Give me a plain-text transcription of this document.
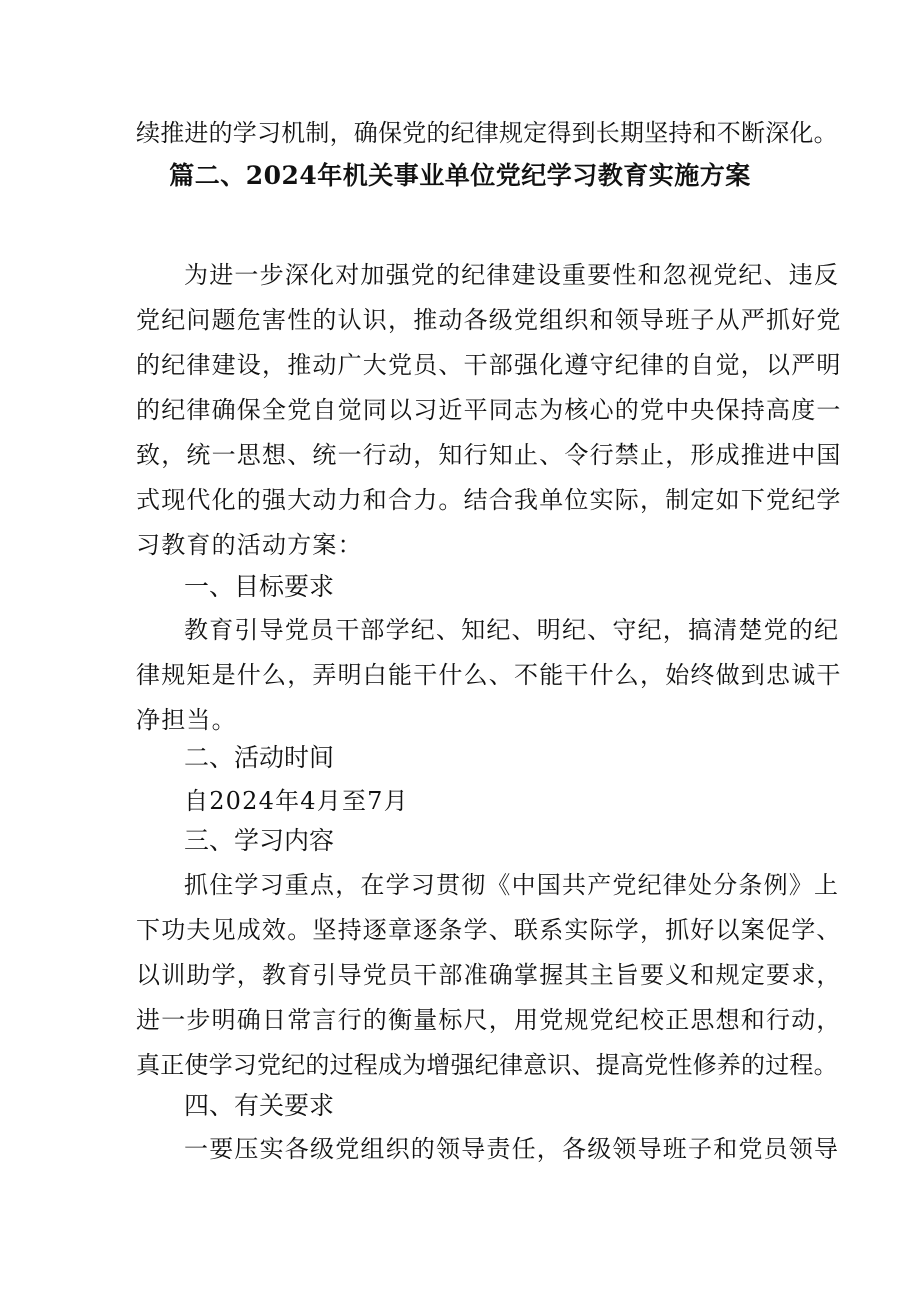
续推进的学习机制，确保党的纪律规定得到长期坚持和不断深化。
篇二、2024年机关事业单位党纪学习教育实施方案
为进一步深化对加强党的纪律建设重要性和忽视党纪、违反
党纪问题危害性的认识，推动各级党组织和领导班子从严抓好党
的纪律建设，推动广大党员、干部强化遵守纪律的自觉，以严明
的纪律确保全党自觉同以习近平同志为核心的党中央保持高度一
致，统一思想、统一行动，知行知止、令行禁止，形成推进中国
式现代化的强大动力和合力。结合我单位实际，制定如下党纪学
习教育的活动方案：
一、目标要求
教育引导党员干部学纪、知纪、明纪、守纪，搞清楚党的纪
律规矩是什么，弄明白能干什么、不能干什么，始终做到忠诚干
净担当。
二、活动时间
自2024年4月至7月
三、学习内容
抓住学习重点，在学习贯彻《中国共产党纪律处分条例》上
下功夫见成效。坚持逐章逐条学、联系实际学，抓好以案促学、
以训助学，教育引导党员干部准确掌握其主旨要义和规定要求，
进一步明确日常言行的衡量标尺，用党规党纪校正思想和行动，
真正使学习党纪的过程成为增强纪律意识、提高党性修养的过程。
四、有关要求
一要压实各级党组织的领导责任，各级领导班子和党员领导
